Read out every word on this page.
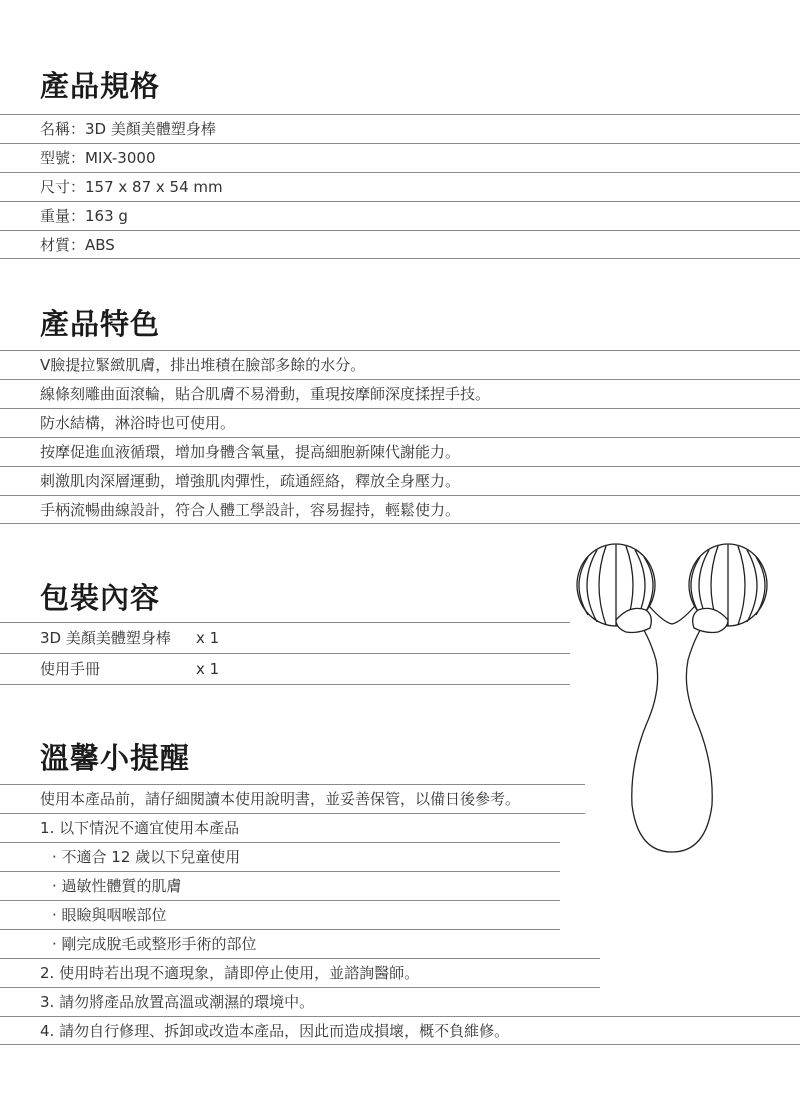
產品規格
名稱：3D 美顏美體塑身棒
型號：MIX-3000
尺寸：157 x 87 x 54 mm
重量：163 g
材質：ABS
產品特色
V臉提拉緊緻肌膚，排出堆積在臉部多餘的水分。
線條刻雕曲面滾輪，貼合肌膚不易滑動，重現按摩師深度揉捏手技。
防水結構，淋浴時也可使用。
按摩促進血液循環，增加身體含氧量，提高細胞新陳代謝能力。
刺激肌肉深層運動，增強肌肉彈性，疏通經絡，釋放全身壓力。
手柄流暢曲線設計，符合人體工學設計，容易握持，輕鬆使力。
包裝內容
3D 美顏美體塑身棒 x 1
使用手冊	x 1
溫馨小提醒
使用本產品前，請仔細閱讀本使用說明書，並妥善保管，以備日後參考。
1. 以下情況不適宜使用本產品
· 不適合 12 歲以下兒童使用
· 過敏性體質的肌膚
· 眼瞼與咽喉部位
· 剛完成脫毛或整形手術的部位
2. 使用時若出現不適現象，請即停止使用，並諮詢醫師。
3. 請勿將產品放置高溫或潮濕的環境中。
4. 請勿自行修理、拆卸或改造本產品，因此而造成損壞，概不負維修。
